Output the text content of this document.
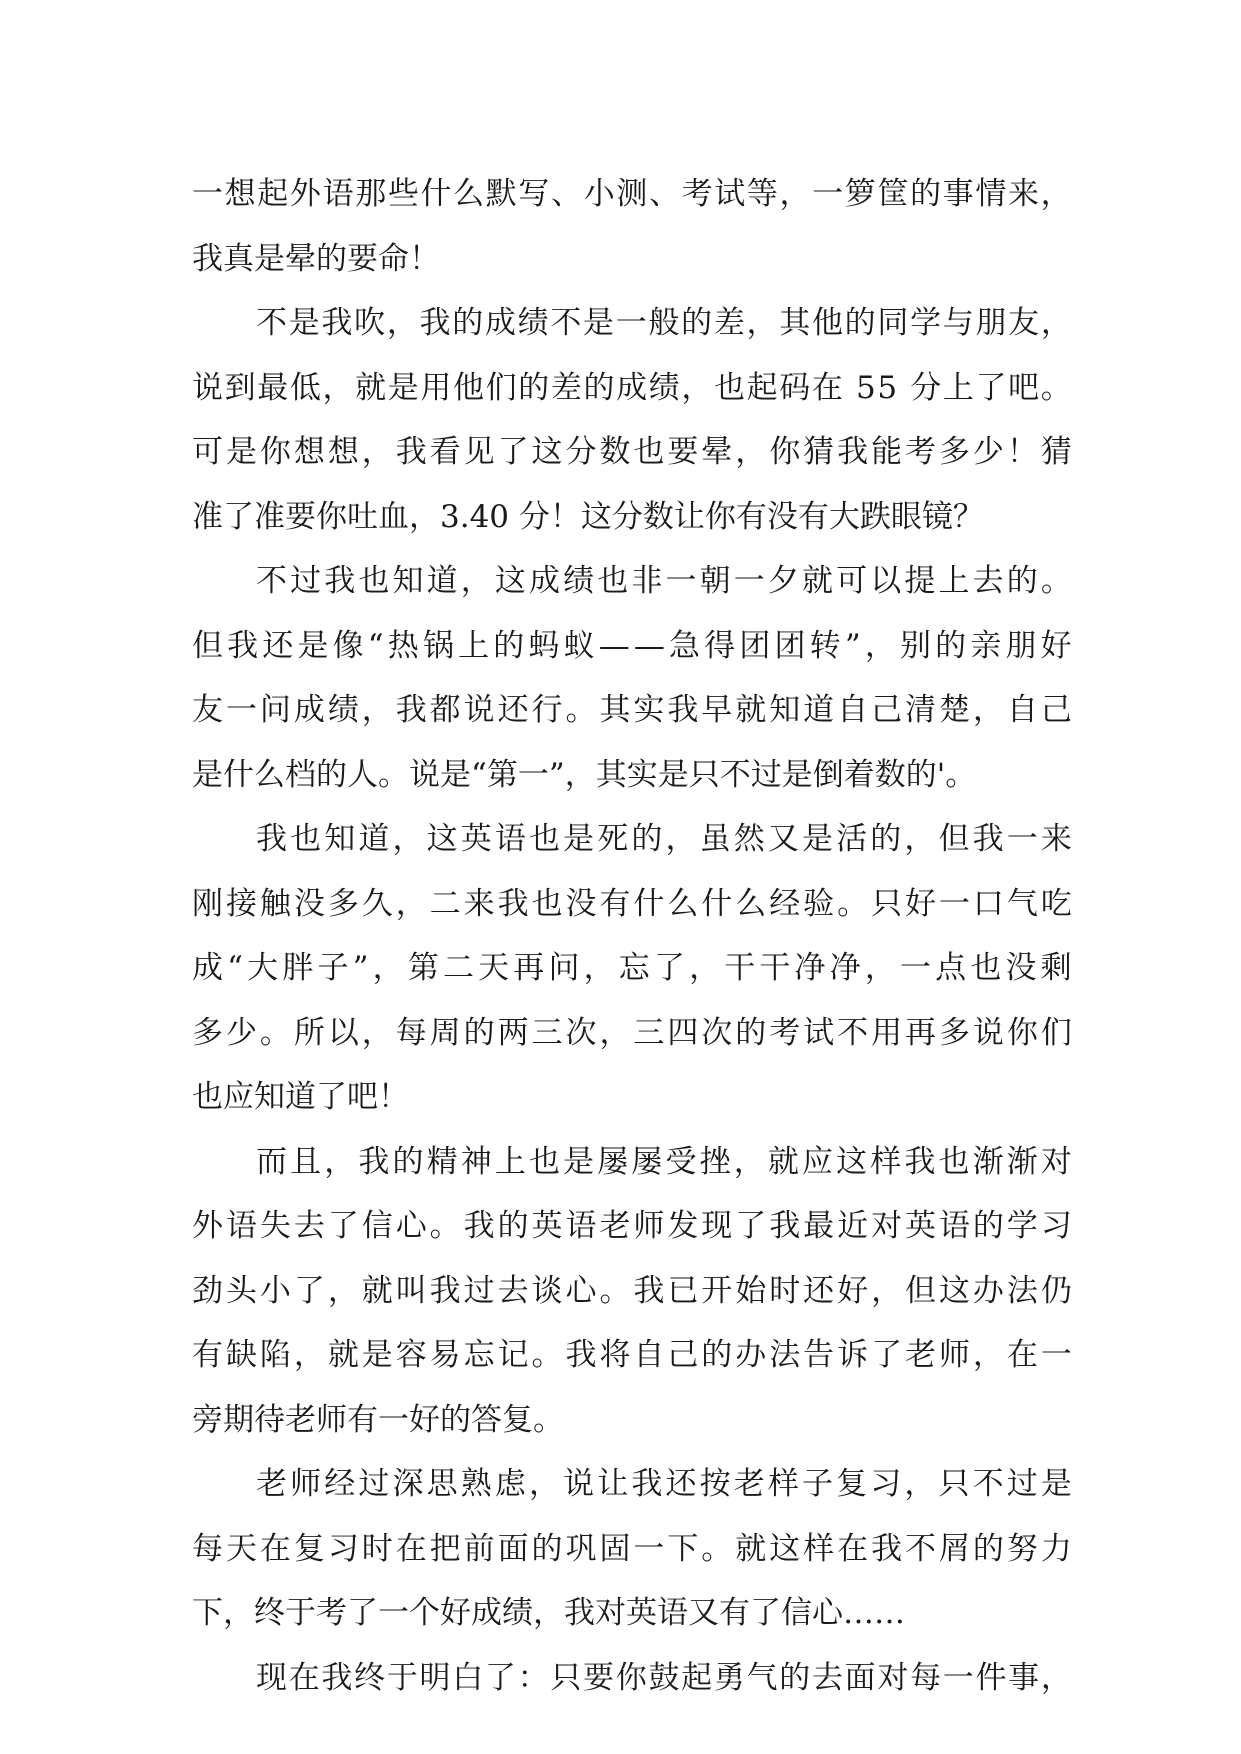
一 想 起 外 语 那 些 什 么 默 写 、 小 测 、 考 试 等 ， 一 箩 筐 的 事 情 来 ，
我真是晕的要命！
不 是 我 吹 ， 我 的 成 绩 不 是 一 般 的 差 ， 其 他 的 同 学 与 朋 友 ，
说 到 最 低 ， 就 是 用 他 们 的 差 的 成 绩 ， 也 起 码 在
5 5
分 上 了 吧 。
可 是 你 想 想 ， 我 看 见 了 这 分 数 也 要 晕 ， 你 猜 我 能 考 多 少 ！ 猜
准了准要你吐血，3.40 分！这分数让你有没有大跌眼镜？
不 过 我 也 知 道 ， 这 成 绩 也 非 一 朝 一 夕 就 可 以 提 上 去 的 。
但 我 还 是 像 “ 热 锅 上 的 蚂 蚁 — — 急 得 团 团 转 ” ， 别 的 亲 朋 好
友 一 问 成 绩 ， 我 都 说 还 行 。 其 实 我 早 就 知 道 自 己 清 楚 ， 自 己
是什么档的人。说是“第一”，其实是只不过是倒着数的'。
我 也 知 道 ， 这 英 语 也 是 死 的 ， 虽 然 又 是 活 的 ， 但 我 一 来
刚 接 触 没 多 久 ， 二 来 我 也 没 有 什 么 什 么 经 验 。 只 好 一 口 气 吃
成 “ 大 胖 子 ” ， 第 二 天 再 问 ， 忘 了 ， 干 干 净 净 ， 一 点 也 没 剩
多 少 。 所 以 ， 每 周 的 两 三 次 ， 三 四 次 的 考 试 不 用 再 多 说 你 们
也应知道了吧！
而 且 ， 我 的 精 神 上 也 是 屡 屡 受 挫 ， 就 应 这 样 我 也 渐 渐 对
外 语 失 去 了 信 心 。 我 的 英 语 老 师 发 现 了 我 最 近 对 英 语 的 学 习
劲 头 小 了 ， 就 叫 我 过 去 谈 心 。 我 已 开 始 时 还 好 ， 但 这 办 法 仍
有 缺 陷 ， 就 是 容 易 忘 记 。 我 将 自 己 的 办 法 告 诉 了 老 师 ， 在 一
旁期待老师有一好的答复。
老 师 经 过 深 思 熟 虑 ， 说 让 我 还 按 老 样 子 复 习 ， 只 不 过 是
每 天 在 复 习 时 在 把 前 面 的 巩 固 一 下 。 就 这 样 在 我 不 屑 的 努 力
下，终于考了一个好成绩，我对英语又有了信心……
现 在 我 终 于 明 白 了 ： 只 要 你 鼓 起 勇 气 的 去 面 对 每 一 件 事 ，
